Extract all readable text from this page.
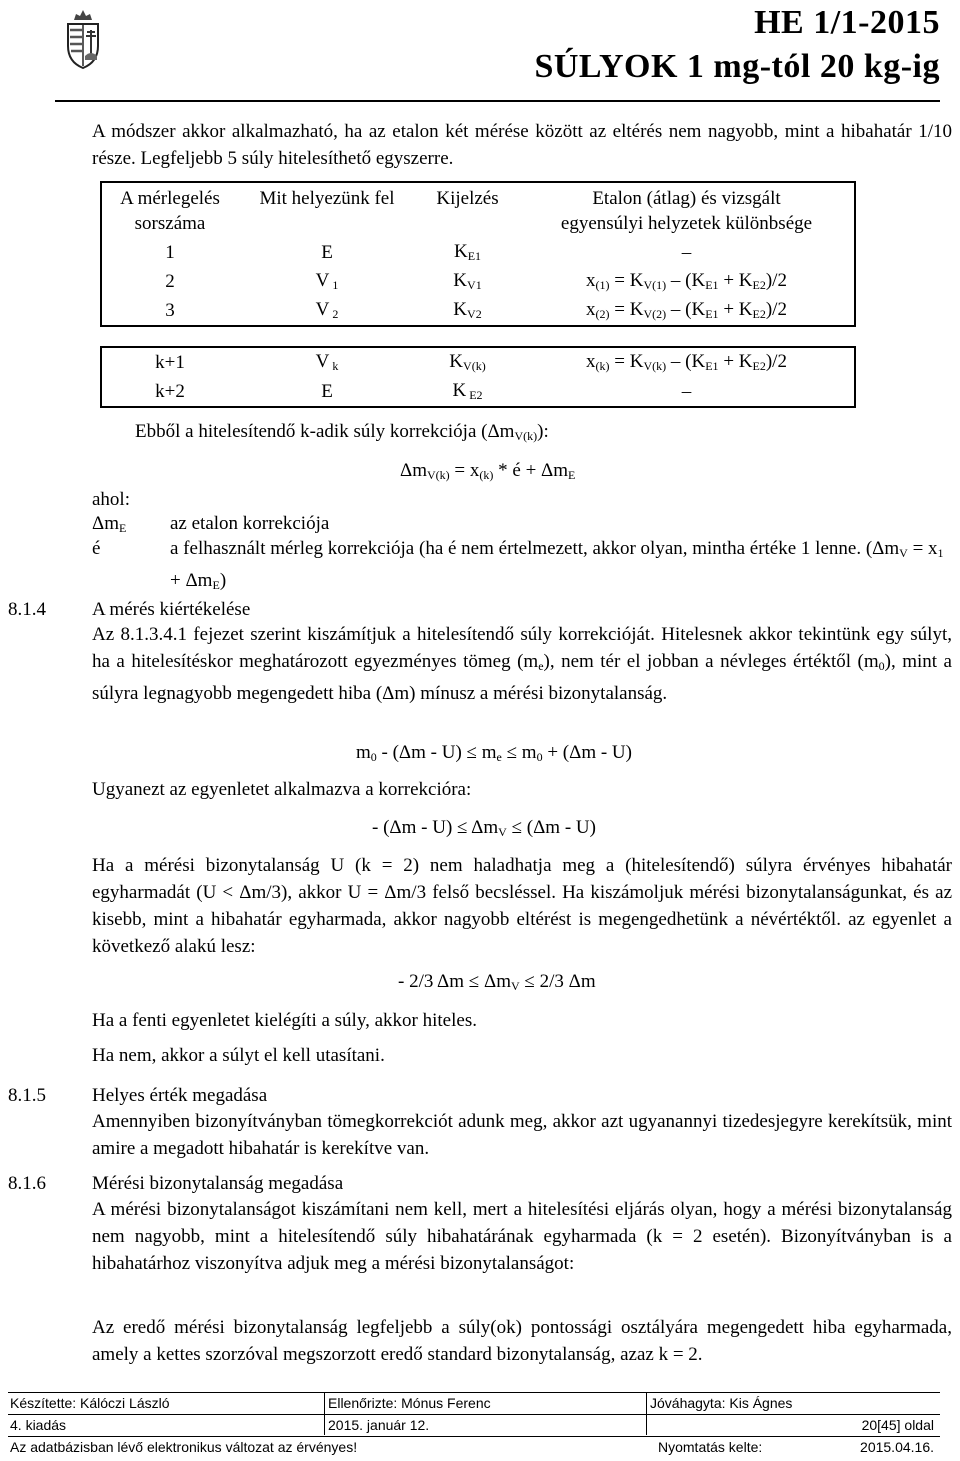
HE 1/1-2015
SÚLYOK 1 mg-tól 20 kg-ig
A módszer akkor alkalmazható, ha az etalon két mérése között az eltérés nem nagyobb, mint a hibahatár 1/10 része. Legfeljebb 5 súly hitelesíthető egyszerre.
A mérlegelés sorszáma	Mit helyezünk fel	Kijelzés	Etalon (átlag) és vizsgált egyensúlyi helyzetek különbsége
1	E	$K_{E1}$	–
2	V $_1$	$K_{V1}$	$x_{(1)} = K_{V(1)} - (K_{E1} + K_{E2})/2$
3	V $_2$	$K_{V2}$	$x_{(2)} = K_{V(2)} - (K_{E1} + K_{E2})/2$
k+1	V $_k$	$K_{V(k)}$	$x_{(k)} = K_{V(k)} - (K_{E1} + K_{E2})/2$
k+2	E	K $_{E2}$	–
Ebből a hitelesítendő k-adik súly korrekciója $(\Delta m_{V(k)})$:
$\Delta m_{V(k)} = x_{(k)}$ * é + $\Delta m_E$
ahol:
$\Delta m_E$ az etalon korrekciója
é	a felhasznált mérleg korrekciója (ha é nem értelmezett, akkor olyan, mintha értéke 1 lenne. $(\Delta m_V = x_1 + \Delta m_E)$
8.1.4 A mérés kiértékelése
Az 8.1.3.4.1 fejezet szerint kiszámítjuk a hitelesítendő súly korrekcióját. Hitelesnek akkor tekintünk egy súlyt, ha a hitelesítéskor meghatározott egyezményes tömeg $(m_e)$, nem tér el jobban a névleges értéktől $(m_0)$, mint a súlyra legnagyobb megengedett hiba (Δm) mínusz a mérési bizonytalanság.
$m_0 - (\Delta m - U) \le m_e \le m_0 + (\Delta m - U)$
Ugyanezt az egyenletet alkalmazva a korrekcióra:
- $(\Delta m - U) \le \Delta m_V \le (\Delta m - U)$
Ha a mérési bizonytalanság U (k = 2) nem haladhatja meg a (hitelesítendő) súlyra érvényes hibahatár egyharmadát (U < Δm/3), akkor U = Δm/3 felső becsléssel. Ha kiszámoljuk mérési bizonytalanságunkat, és az kisebb, mint a hibahatár egyharmada, akkor nagyobb eltérést is megengedhetünk a névértéktől. az egyenlet a következő alakú lesz:
- 2/3 $\Delta m \le \Delta m_V \le 2/3$ Δm
Ha a fenti egyenletet kielégíti a súly, akkor hiteles.
Ha nem, akkor a súlyt el kell utasítani.
8.1.5 Helyes érték megadása
Amennyiben bizonyítványban tömegkorrekciót adunk meg, akkor azt ugyanannyi tizedesjegyre kerekítsük, mint amire a megadott hibahatár is kerekítve van.
8.1.6 Mérési bizonytalanság megadása
A mérési bizonytalanságot kiszámítani nem kell, mert a hitelesítési eljárás olyan, hogy a mérési bizonytalanság nem nagyobb, mint a hitelesítendő súly hibahatárának egyharmada (k = 2 esetén). Bizonyítványban is a hibahatárhoz viszonyítva adjuk meg a mérési bizonytalanságot:
Az eredő mérési bizonytalanság legfeljebb a súly(ok) pontossági osztályára megengedett hiba egyharmada, amely a kettes szorzóval megszorzott eredő standard bizonytalanság, azaz k = 2.
Készítette: Kálóczi László	Ellenőrizte: Mónus Ferenc	Jóváhagyta: Kis Ágnes
4. kiadás	2015. január 12.	20[45] oldal
Az adatbázisban lévő elektronikus változat az érvényes!	Nyomtatás kelte:	2015.04.16.
